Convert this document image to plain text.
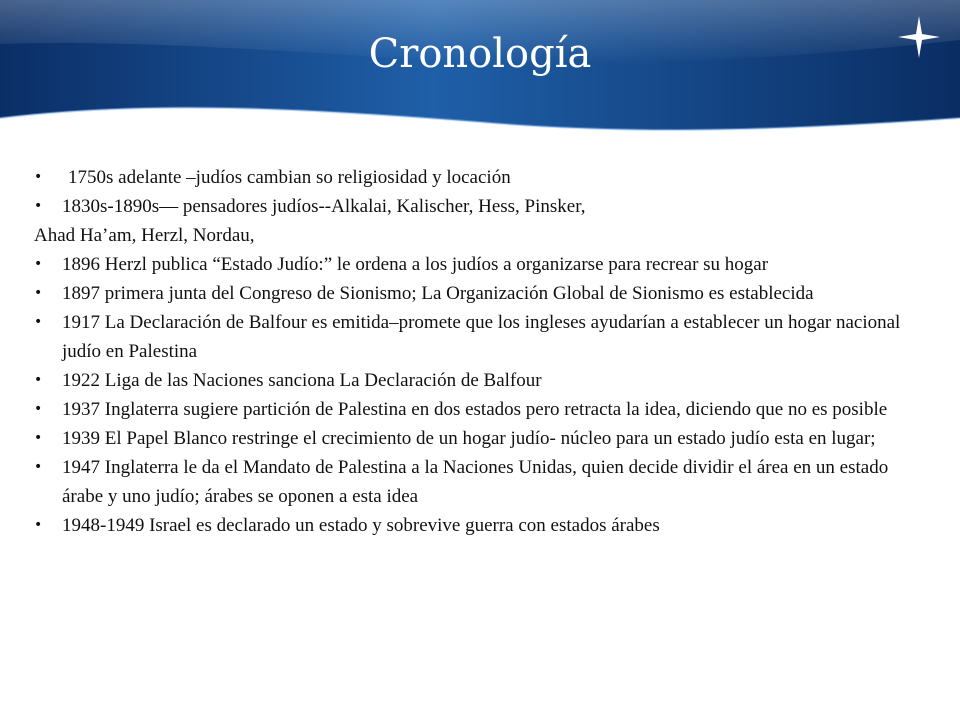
Cronología
• 1750s adelante –judíos cambian so religiosidad y locación
• 1830s-1890s— pensadores judíos--Alkalai, Kalischer, Hess, Pinsker,
Ahad Ha’am, Herzl, Nordau,
• 1896 Herzl publica “Estado Judío:” le ordena a los judíos a organizarse para recrear su hogar
• 1897 primera junta del Congreso de Sionismo; La Organización Global de Sionismo es establecida
• 1917 La Declaración de Balfour es emitida–promete que los ingleses ayudarían a establecer un hogar nacional judío en Palestina
• 1922 Liga de las Naciones sanciona La Declaración de Balfour
• 1937 Inglaterra sugiere partición de Palestina en dos estados pero retracta la idea, diciendo que no es posible
• 1939 El Papel Blanco restringe el crecimiento de un hogar judío- núcleo para un estado judío esta en lugar;
• 1947 Inglaterra le da el Mandato de Palestina a la Naciones Unidas, quien decide dividir el área en un estado árabe y uno judío; árabes se oponen a esta idea
• 1948-1949 Israel es declarado un estado y sobrevive guerra con estados árabes
